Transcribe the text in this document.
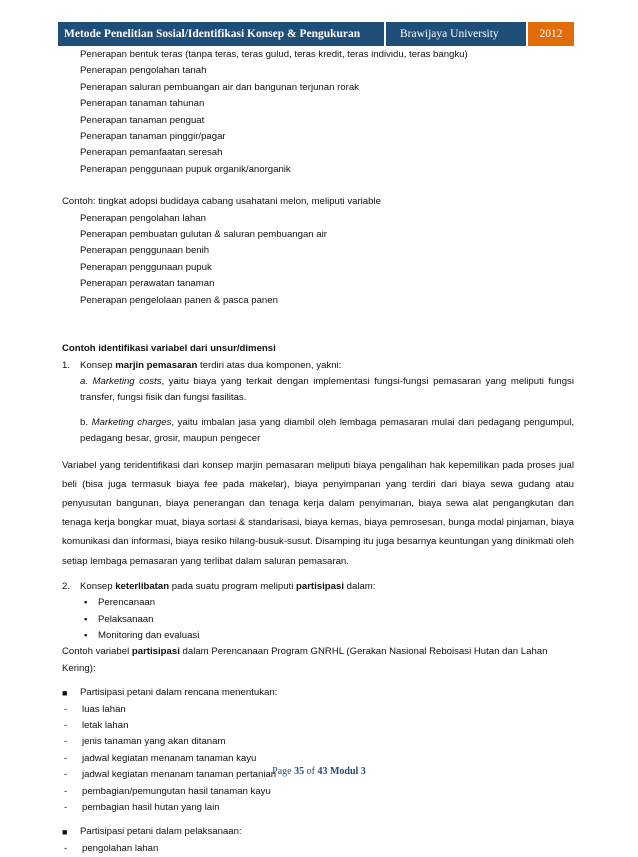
Metode Penelitian Sosial/Identifikasi Konsep & Pengukuran	Brawijaya University	2012
Penerapan bentuk teras (tanpa teras, teras gulud, teras kredit, teras individu, teras bangku)
Penerapan pengolahan tanah
Penerapan saluran pembuangan air dan bangunan terjunan rorak
Penerapan tanaman tahunan
Penerapan tanaman penguat
Penerapan tanaman pinggir/pagar
Penerapan pemanfaatan seresah
Penerapan penggunaan pupuk organik/anorganik
Contoh: tingkat adopsi budidaya cabang usahatani melon, meliputi variable
Penerapan pengolahan lahan
Penerapan pembuatan gulutan & saluran pembuangan air
Penerapan penggunaan benih
Penerapan penggunaan pupuk
Penerapan perawatan tanaman
Penerapan pengelolaan panen & pasca panen
Contoh identifikasi variabel dari unsur/dimensi
1.	Konsep marjin pemasaran terdiri atas dua komponen, yakni:
a. Marketing costs, yaitu biaya yang terkait dengan implementasi fungsi-fungsi pemasaran yang meliputi fungsi transfer, fungsi fisik dan fungsi fasilitas.
b. Marketing charges, yaitu imbalan jasa yang diambil oleh lembaga pemasaran mulai dari pedagang pengumpul, pedagang besar, grosir, maupun pengecer
Variabel yang teridentifikasi dari konsep marjin pemasaran meliputi biaya pengalihan hak kepemilikan pada proses jual beli (bisa juga termasuk biaya fee pada makelar), biaya penyimpanan yang terdiri dari biaya sewa gudang atau penyusutan bangunan, biaya penerangan dan tenaga kerja dalam penyimanan, biaya sewa alat pengangkutan dan tenaga kerja bongkar muat, biaya sortasi & standarisasi, biaya kemas, biaya pemrosesan, bunga modal pinjaman, biaya komunikasi dan informasi, biaya resiko hilang-busuk-susut. Disamping itu juga besarnya keuntungan yang dinikmati oleh setiap lembaga pemasaran yang terlibat dalam saluran pemasaran.
2.	Konsep keterlibatan pada suatu program meliputi partisipasi dalam:
•	Perencanaan
•	Pelaksanaan
•	Monitoring dan evaluasi
Contoh variabel partisipasi dalam Perencanaan Program GNRHL (Gerakan Nasional Reboisasi Hutan dan Lahan Kering):
■	Partisipasi petani dalam rencana menentukan:
-	luas lahan
-	letak lahan
-	jenis tanaman yang akan ditanam
-	jadwal kegiatan menanam tanaman kayu
-	jadwal kegiatan menanam tanaman pertanian
-	pembagian/pemungutan hasil tanaman kayu
-	pembagian hasil hutan yang lain
■	Partisipasi petani dalam pelaksanaan:
-	pengolahan lahan
Page 35 of 43 Modul 3
